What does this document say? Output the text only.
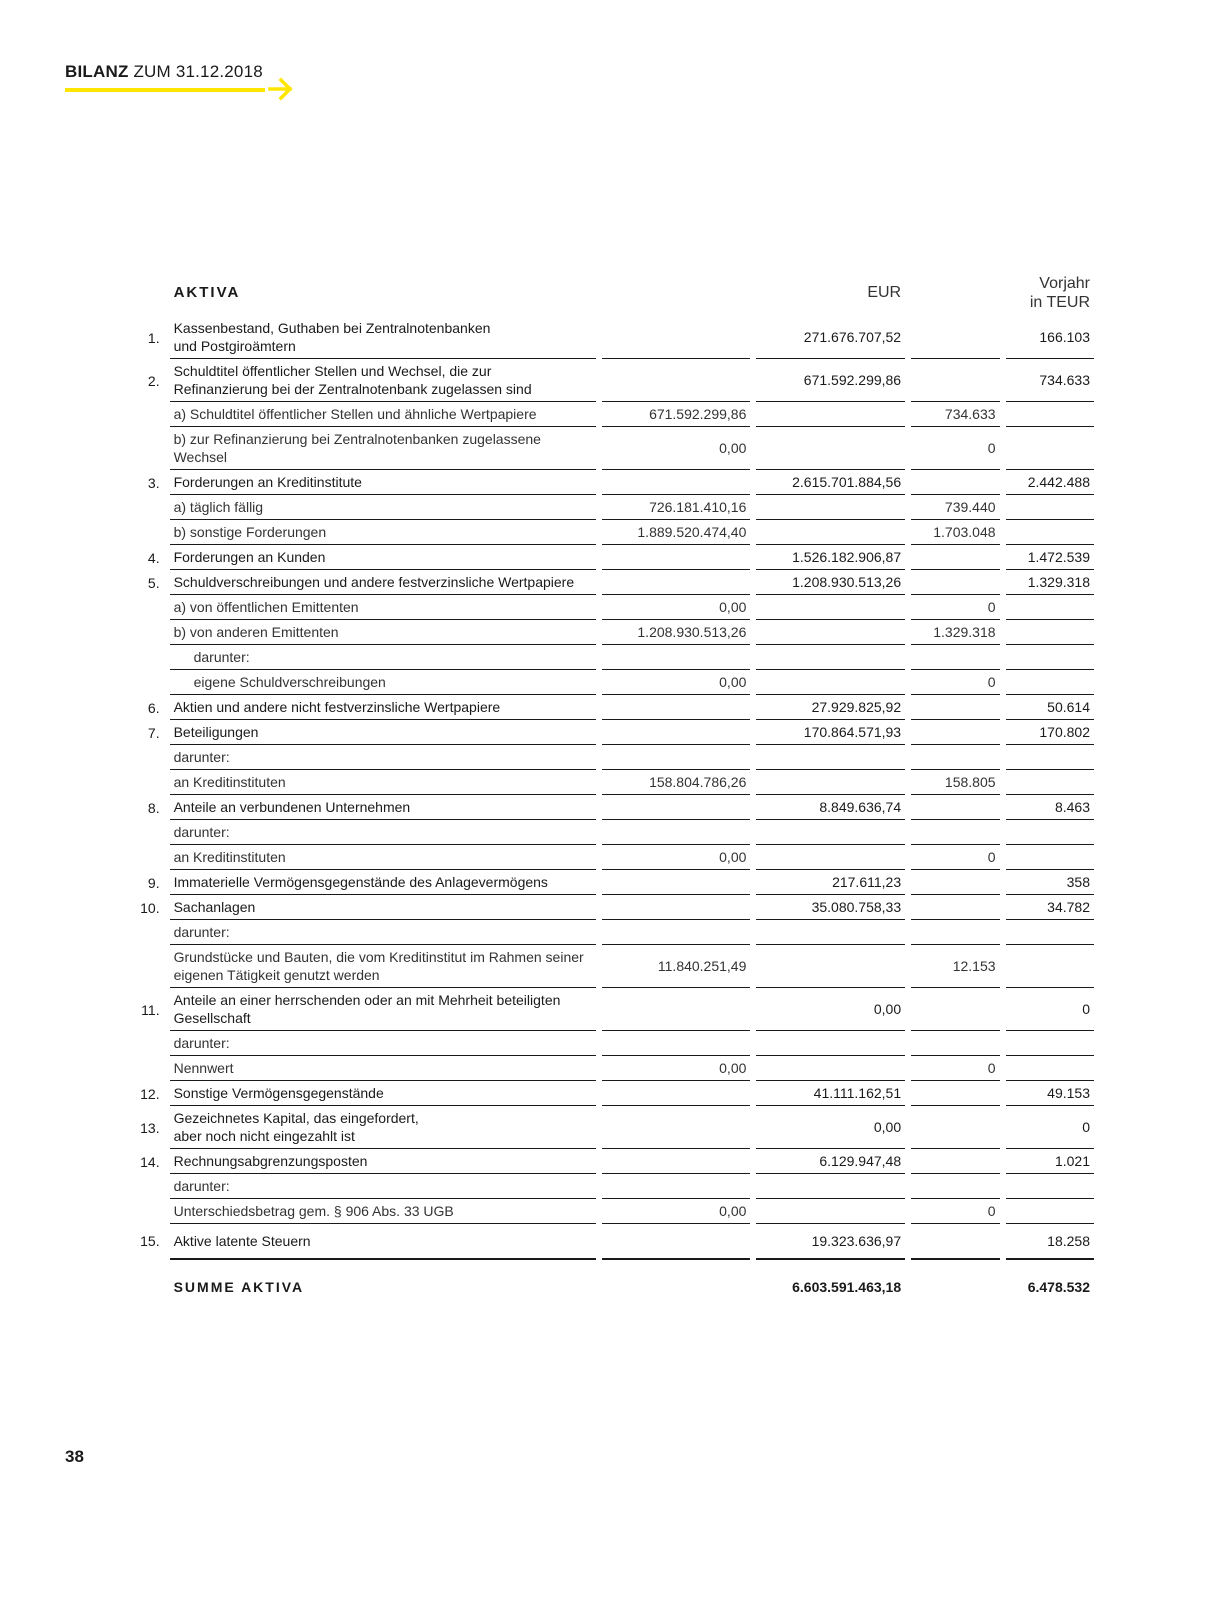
BILANZ ZUM 31.12.2018
	AKTIVA		EUR		Vorjahr
in TEUR

1.	Kassenbestand, Guthaben bei Zentralnotenbanken
und Postgiroämtern		271.676.707,52		166.103
2.	Schuldtitel öffentlicher Stellen und Wechsel, die zur
Refinanzierung bei der Zentralnotenbank zugelassen sind		671.592.299,86		734.633

	a) Schuldtitel öffentlicher Stellen und ähnliche Wertpapiere	671.592.299,86		734.633	

	b) zur Refinanzierung bei Zentralnotenbanken zugelassene Wechsel	0,00		0	
3.	Forderungen an Kreditinstitute		2.615.701.884,56		2.442.488

	a) täglich fällig	726.181.410,16		739.440	

	b) sonstige Forderungen	1.889.520.474,40		1.703.048	
4.	Forderungen an Kunden		1.526.182.906,87		1.472.539
5.	Schuldverschreibungen und andere festverzinsliche Wertpapiere		1.208.930.513,26		1.329.318

	a) von öffentlichen Emittenten	0,00		0	

	b) von anderen Emittenten	1.208.930.513,26		1.329.318	

	darunter:				

	eigene Schuldverschreibungen	0,00		0	
6.	Aktien und andere nicht festverzinsliche Wertpapiere		27.929.825,92		50.614
7.	Beteiligungen		170.864.571,93		170.802

	darunter:				

	an Kreditinstituten	158.804.786,26		158.805	
8.	Anteile an verbundenen Unternehmen		8.849.636,74		8.463

	darunter:				

	an Kreditinstituten	0,00		0	
9.	Immaterielle Vermögensgegenstände des Anlagevermögens		217.611,23		358
10.	Sachanlagen		35.080.758,33		34.782

	darunter:				

	Grundstücke und Bauten, die vom Kreditinstitut im Rahmen seiner
eigenen Tätigkeit genutzt werden	11.840.251,49		12.153	
11.	Anteile an einer herrschenden oder an mit Mehrheit beteiligten
Gesellschaft		0,00		0

	darunter:				

	Nennwert	0,00		0	
12.	Sonstige Vermögensgegenstände		41.111.162,51		49.153
13.	Gezeichnetes Kapital, das eingefordert,
aber noch nicht eingezahlt ist		0,00		0
14.	Rechnungsabgrenzungsposten		6.129.947,48		1.021

	darunter:				

	Unterschiedsbetrag gem. § 906 Abs. 33 UGB	0,00		0	
15.	Aktive latente Steuern		19.323.636,97		18.258

	SUMME AKTIVA		6.603.591.463,18		6.478.532
38
